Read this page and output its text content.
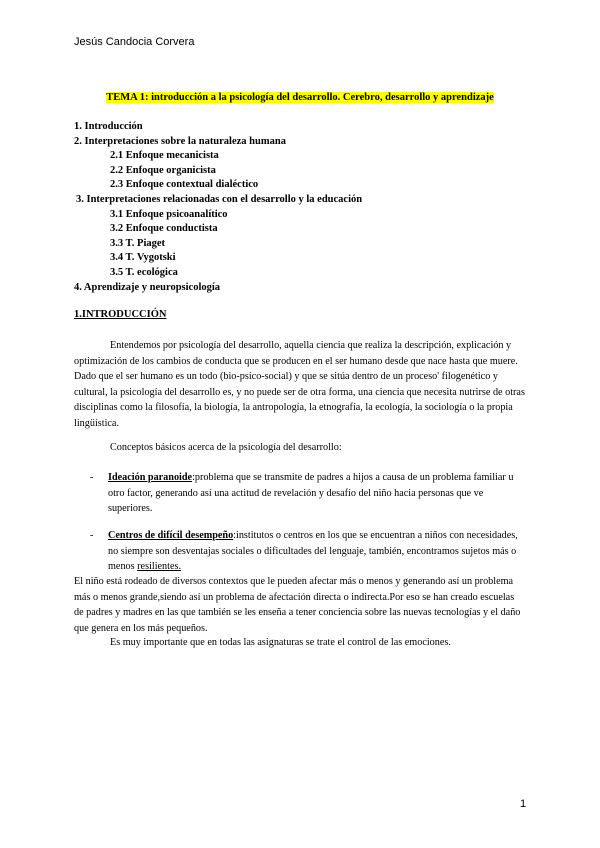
Jesús Candocia Corvera
TEMA 1: introducción a la psicología del desarrollo. Cerebro, desarrollo y aprendizaje
1. Introducción
2. Interpretaciones sobre la naturaleza humana
2.1 Enfoque mecanicista
2.2 Enfoque organicista
2.3 Enfoque contextual dialéctico
3. Interpretaciones relacionadas con el desarrollo y la educación
3.1 Enfoque psicoanalítico
3.2 Enfoque conductista
3.3 T. Piaget
3.4 T. Vygotski
3.5 T. ecológica
4. Aprendizaje y neuropsicología
1.INTRODUCCIÓN

Entendemos por psicología del desarrollo, aquella ciencia que realiza la descripción, explicación y optimización de los cambios de conducta que se producen en el ser humano desde que nace hasta que muere. Dado que el ser humano es un todo (bio-psico-social) y que se sitúa dentro de un proceso' filogenético y cultural, la psicología del desarrollo es, y no puede ser de otra forma, una ciencia que necesita nutrirse de otras disciplinas como la filosofía, la biología, la antropología, la etnografía, la ecología, la sociología o la propia lingüística.

Conceptos básicos acerca de la psicología del desarrollo:

- Ideación paranoide:problema que se transmite de padres a hijos a causa de un problema familiar u otro factor, generando así una actitud de revelación y desafío del niño hacia personas que ve superiores.
- Centros de difícil desempeño:institutos o centros en los que se encuentran a niños con necesidades, no siempre son desventajas sociales o dificultades del lenguaje, también, encontramos sujetos más o menos resilientes.

El niño está rodeado de diversos contextos que le pueden afectar más o menos y generando así un problema más o menos grande,siendo así un problema de afectación directa o indirecta.Por eso se han creado escuelas de padres y madres en las que también se les enseña a tener conciencia sobre las nuevas tecnologías y el daño que genera en los más pequeños.

Es muy importante que en todas las asignaturas se trate el control de las emociones.

1
